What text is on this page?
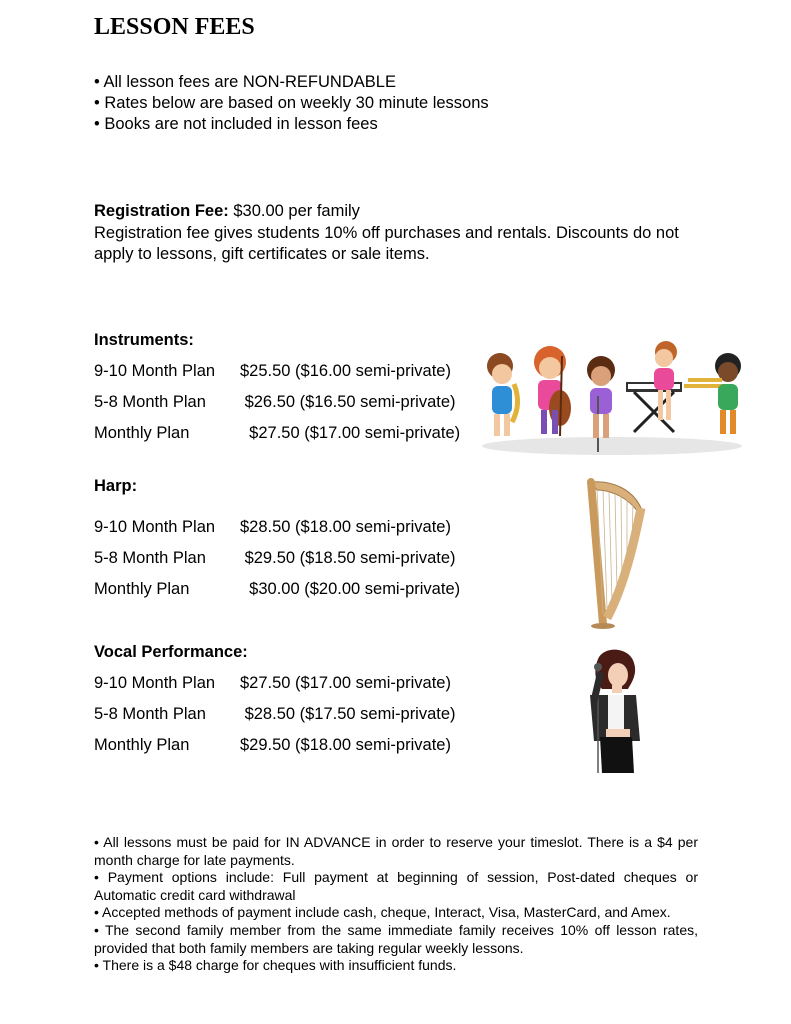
LESSON FEES
• All lesson fees are NON-REFUNDABLE
• Rates below are based on weekly 30 minute lessons
• Books are not included in lesson fees
Registration Fee: $30.00 per family
Registration fee gives students 10% off purchases and rentals. Discounts do not apply to lessons, gift certificates or sale items.
Instruments:
9-10 Month Plan $25.50 ($16.00 semi-private)
5-8 Month Plan $26.50 ($16.50 semi-private)
Monthly Plan	$27.50 ($17.00 semi-private)
Harp:
9-10 Month Plan $28.50 ($18.00 semi-private)
5-8 Month Plan $29.50 ($18.50 semi-private)
Monthly Plan	$30.00 ($20.00 semi-private)
Vocal Performance:
9-10 Month Plan $27.50 ($17.00 semi-private)
5-8 Month Plan $28.50 ($17.50 semi-private)
Monthly Plan	$29.50 ($18.00 semi-private)

• All lessons must be paid for IN ADVANCE in order to reserve your timeslot. There is a $4 per month charge for late payments.

• Payment options include: Full payment at beginning of session, Post-dated cheques or Automatic credit card withdrawal

• Accepted methods of payment include cash, cheque, Interact, Visa, MasterCard, and Amex.

• The second family member from the same immediate family receives 10% off lesson rates, provided that both family members are taking regular weekly lessons.

• There is a $48 charge for cheques with insufficient funds.
